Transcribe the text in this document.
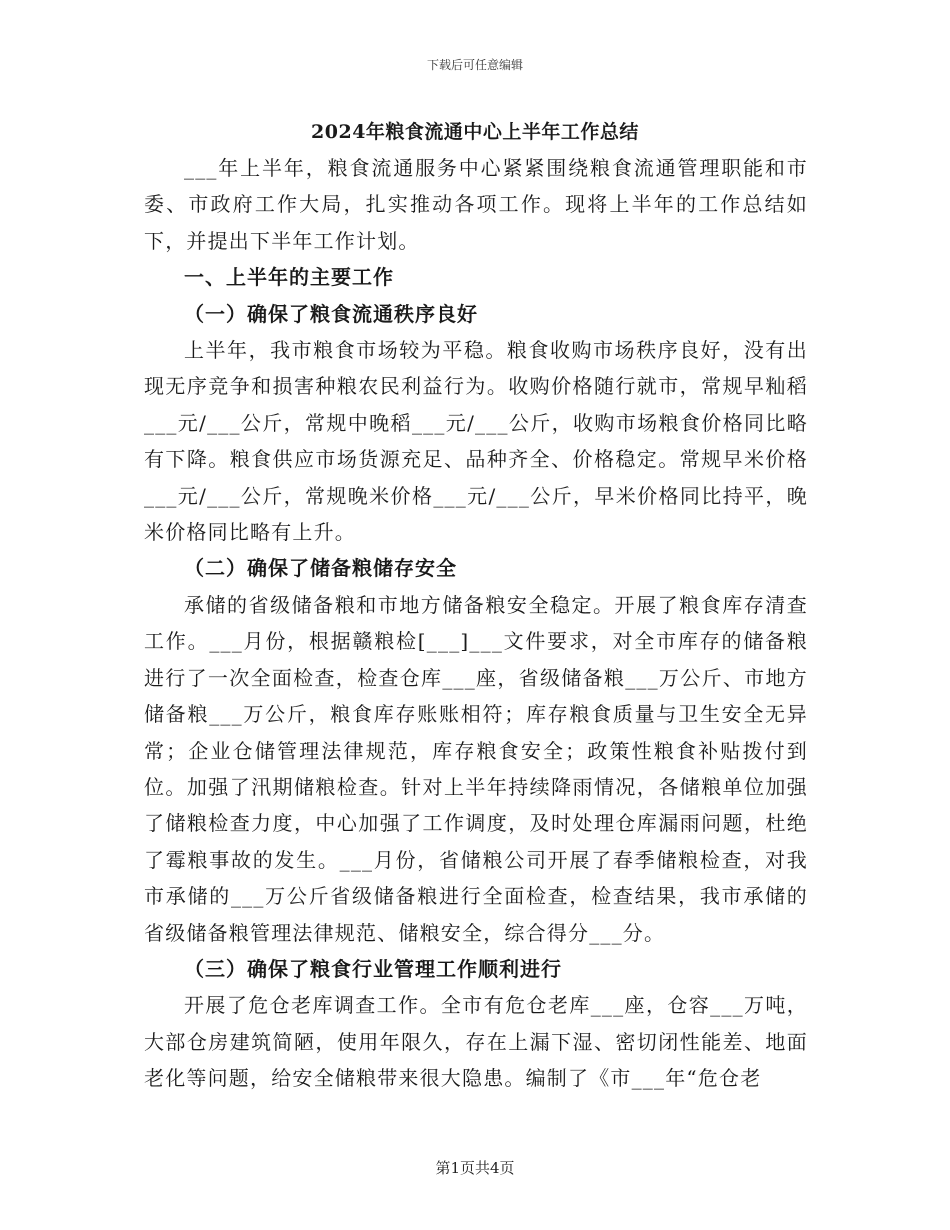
下载后可任意编辑
2024年粮食流通中心上半年工作总结

___年上半年，粮食流通服务中心紧紧围绕粮食流通管理职能和市委、市政府工作大局，扎实推动各项工作。现将上半年的工作总结如下，并提出下半年工作计划。

一、上半年的主要工作

（一）确保了粮食流通秩序良好

上半年，我市粮食市场较为平稳。粮食收购市场秩序良好，没有出现无序竞争和损害种粮农民利益行为。收购价格随行就市，常规早籼稻___元/___公斤，常规中晚稻___元/___公斤，收购市场粮食价格同比略有下降。粮食供应市场货源充足、品种齐全、价格稳定。常规早米价格___元/___公斤，常规晚米价格___元/___公斤，早米价格同比持平，晚米价格同比略有上升。

（二）确保了储备粮储存安全

承储的省级储备粮和市地方储备粮安全稳定。开展了粮食库存清查工作。___月份，根据赣粮检[___]___文件要求，对全市库存的储备粮进行了一次全面检查，检查仓库___座，省级储备粮___万公斤、市地方储备粮___万公斤，粮食库存账账相符；库存粮食质量与卫生安全无异常；企业仓储管理法律规范，库存粮食安全；政策性粮食补贴拨付到位。加强了汛期储粮检查。针对上半年持续降雨情况，各储粮单位加强了储粮检查力度，中心加强了工作调度，及时处理仓库漏雨问题，杜绝了霉粮事故的发生。___月份，省储粮公司开展了春季储粮检查，对我市承储的___万公斤省级储备粮进行全面检查，检查结果，我市承储的省级储备粮管理法律规范、储粮安全，综合得分___分。

（三）确保了粮食行业管理工作顺利进行

开展了危仓老库调查工作。全市有危仓老库___座，仓容___万吨，大部仓房建筑简陋，使用年限久，存在上漏下湿、密切闭性能差、地面老化等问题，给安全储粮带来很大隐患。编制了《市___年“危仓老

第1页共4页
